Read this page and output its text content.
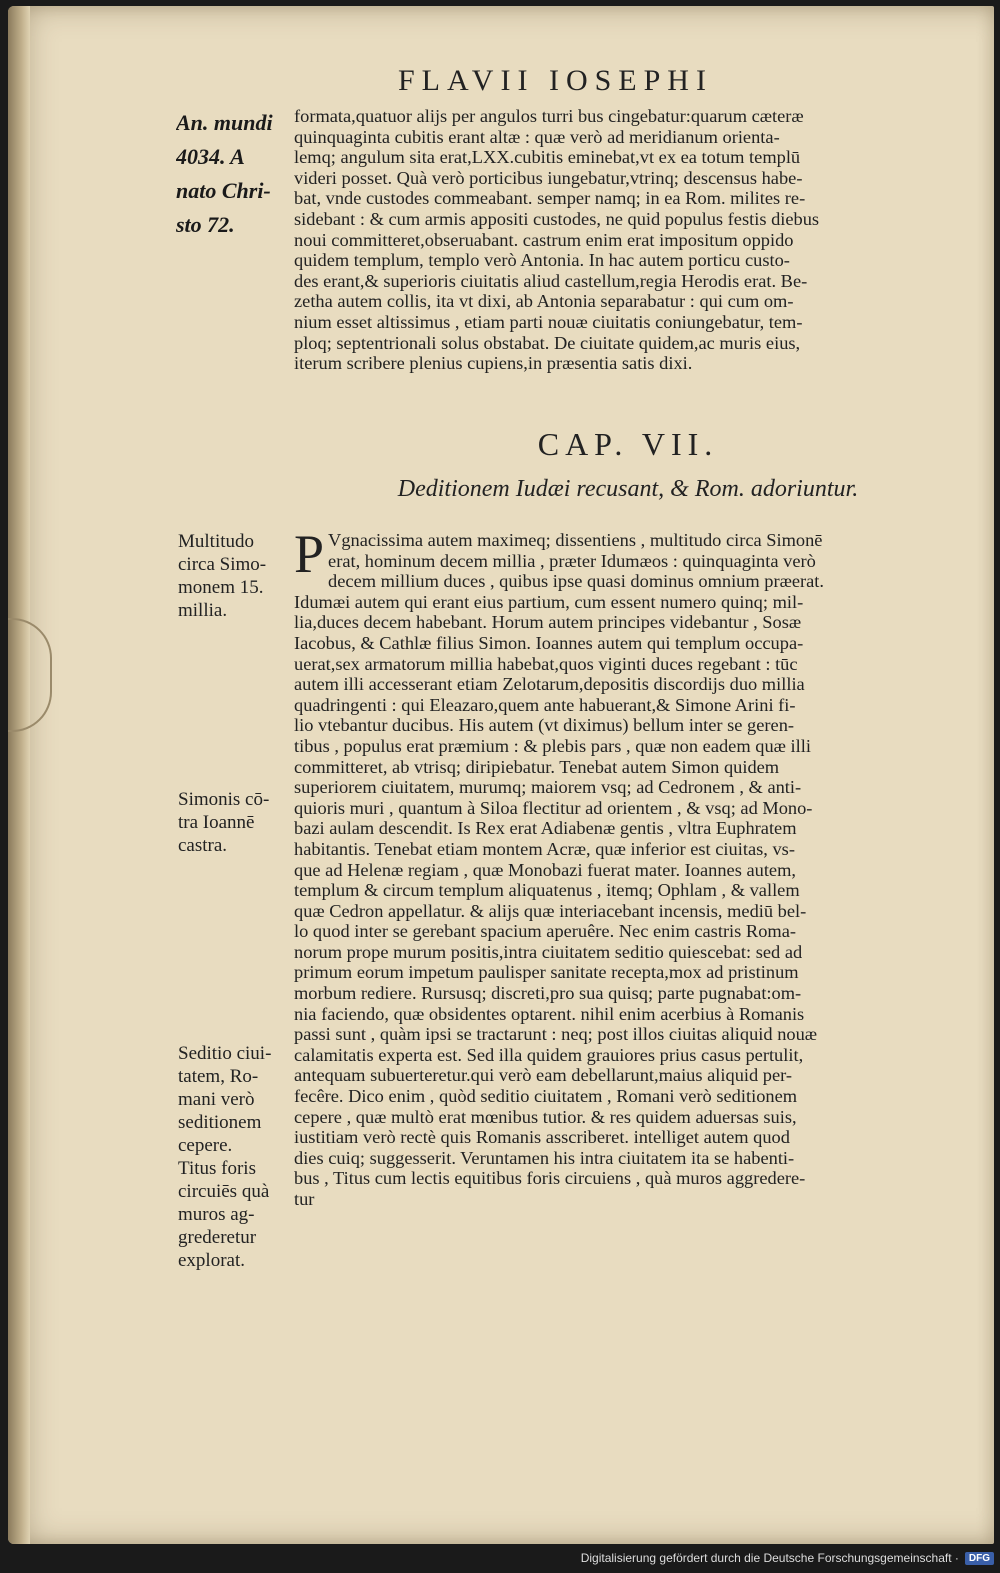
FLAVII IOSEPHI
An. mundi
4034. A
nato Chri-
sto 72.
formata,quatuor alijs per angulos turri bus cingebatur:quarum cæteræ
quinquaginta cubitis erant altæ : quæ verò ad meridianum orienta-
lemq; angulum sita erat,LXX.cubitis eminebat,vt ex ea totum templū
videri posset. Quà verò porticibus iungebatur,vtrinq; descensus habe-
bat, vnde custodes commeabant. semper namq; in ea Rom. milites re-
sidebant : & cum armis appositi custodes, ne quid populus festis diebus
noui committeret,obseruabant. castrum enim erat impositum oppido
quidem templum, templo verò Antonia. In hac autem porticu custo-
des erant,& superioris ciuitatis aliud castellum,regia Herodis erat. Be-
zetha autem collis, ita vt dixi, ab Antonia separabatur : qui cum om-
nium esset altissimus , etiam parti nouæ ciuitatis coniungebatur, tem-
ploq; septentrionali solus obstabat. De ciuitate quidem,ac muris eius,
iterum scribere plenius cupiens,in præsentia satis dixi.
CAP. VII.
Deditionem Iudæi recusant, & Rom. adoriuntur.
P Vgnacissima autem maximeq; dissentiens , multitudo circa Simonē
erat, hominum decem millia , præter Idumæos : quinquaginta verò
decem millium duces , quibus ipse quasi dominus omnium præerat.
Idumæi autem qui erant eius partium, cum essent numero quinq; mil-
lia,duces decem habebant. Horum autem principes videbantur , Sosæ
Iacobus, & Cathlæ filius Simon. Ioannes autem qui templum occupa-
uerat,sex armatorum millia habebat,quos viginti duces regebant : tūc
autem illi accesserant etiam Zelotarum,depositis discordijs duo millia
quadringenti : qui Eleazaro,quem ante habuerant,& Simone Arini fi-
lio vtebantur ducibus. His autem (vt diximus) bellum inter se geren-
tibus , populus erat præmium : & plebis pars , quæ non eadem quæ illi
committeret, ab vtrisq; diripiebatur. Tenebat autem Simon quidem
superiorem ciuitatem, murumq; maiorem vsq; ad Cedronem , & anti-
quioris muri , quantum à Siloa flectitur ad orientem , & vsq; ad Mono-
bazi aulam descendit. Is Rex erat Adiabenæ gentis , vltra Euphratem
habitantis. Tenebat etiam montem Acræ, quæ inferior est ciuitas, vs-
que ad Helenæ regiam , quæ Monobazi fuerat mater. Ioannes autem,
templum & circum templum aliquatenus , itemq; Ophlam , & vallem
quæ Cedron appellatur. & alijs quæ interiacebant incensis, mediū bel-
lo quod inter se gerebant spacium aperuêre. Nec enim castris Roma-
norum prope murum positis,intra ciuitatem seditio quiescebat: sed ad
primum eorum impetum paulisper sanitate recepta,mox ad pristinum
morbum rediere. Rursusq; discreti,pro sua quisq; parte pugnabat:om-
nia faciendo, quæ obsidentes optarent. nihil enim acerbius à Romanis
passi sunt , quàm ipsi se tractarunt : neq; post illos ciuitas aliquid nouæ
calamitatis experta est. Sed illa quidem grauiores prius casus pertulit,
antequam subuerteretur.qui verò eam debellarunt,maius aliquid per-
fecêre. Dico enim , quòd seditio ciuitatem , Romani verò seditionem
cepere , quæ multò erat mœnibus tutior. & res quidem aduersas suis,
iustitiam verò rectè quis Romanis asscriberet. intelliget autem quod
dies cuiq; suggesserit. Veruntamen his intra ciuitatem ita se habenti-
bus , Titus cum lectis equitibus foris circuiens , quà muros aggredere-
tur
Multitudo
circa Simo-
monem 15.
millia.
Simonis cō-
tra Ioannē
castra.
Seditio ciui-
tatem, Ro-
mani verò
seditionem
cepere.
Titus foris
circuiēs quà
muros ag-
grederetur
explorat.
Digitalisierung gefördert durch die Deutsche Forschungsgemeinschaft ·	DFG
